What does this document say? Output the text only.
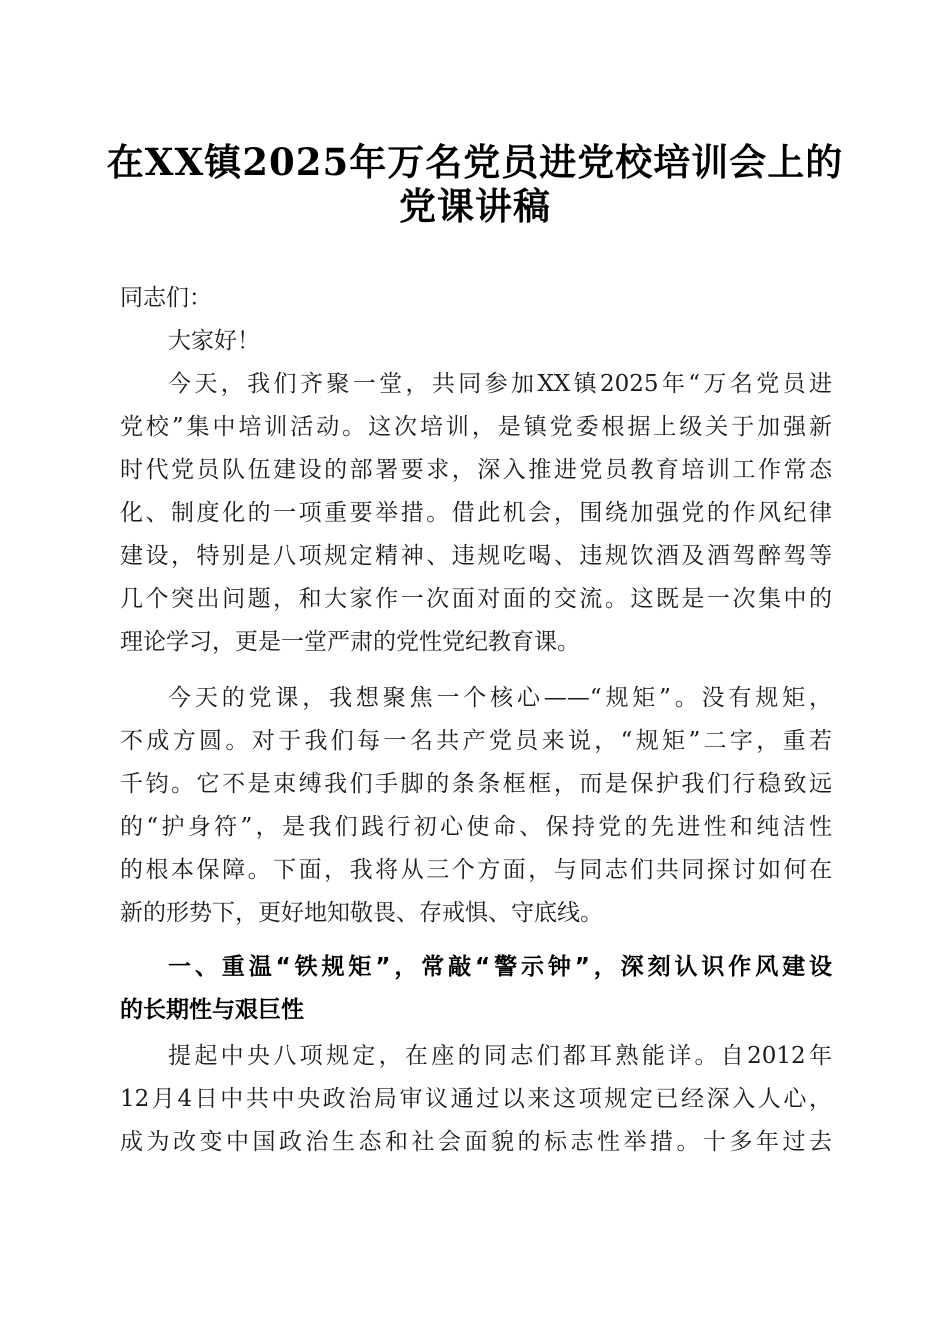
在XX镇2025年万名党员进党校培训会上的
党课讲稿
同志们：
大家好！
今天，我们齐聚一堂，共同参加XX镇2025年“万名党员进
党校”集中培训活动。这次培训，是镇党委根据上级关于加强新
时代党员队伍建设的部署要求，深入推进党员教育培训工作常态
化、制度化的一项重要举措。借此机会，围绕加强党的作风纪律
建设，特别是八项规定精神、违规吃喝、违规饮酒及酒驾醉驾等
几个突出问题，和大家作一次面对面的交流。这既是一次集中的
理论学习，更是一堂严肃的党性党纪教育课。
今天的党课，我想聚焦一个核心——“规矩”。没有规矩，
不成方圆。对于我们每一名共产党员来说，“规矩”二字，重若
千钧。它不是束缚我们手脚的条条框框，而是保护我们行稳致远
的“护身符”，是我们践行初心使命、保持党的先进性和纯洁性
的根本保障。下面，我将从三个方面，与同志们共同探讨如何在
新的形势下，更好地知敬畏、存戒惧、守底线。
一、重温“铁规矩”，常敲“警示钟”，深刻认识作风建设
的长期性与艰巨性
提起中央八项规定，在座的同志们都耳熟能详。自2012年
12月4日中共中央政治局审议通过以来这项规定已经深入人心，
成为改变中国政治生态和社会面貌的标志性举措。十多年过去
